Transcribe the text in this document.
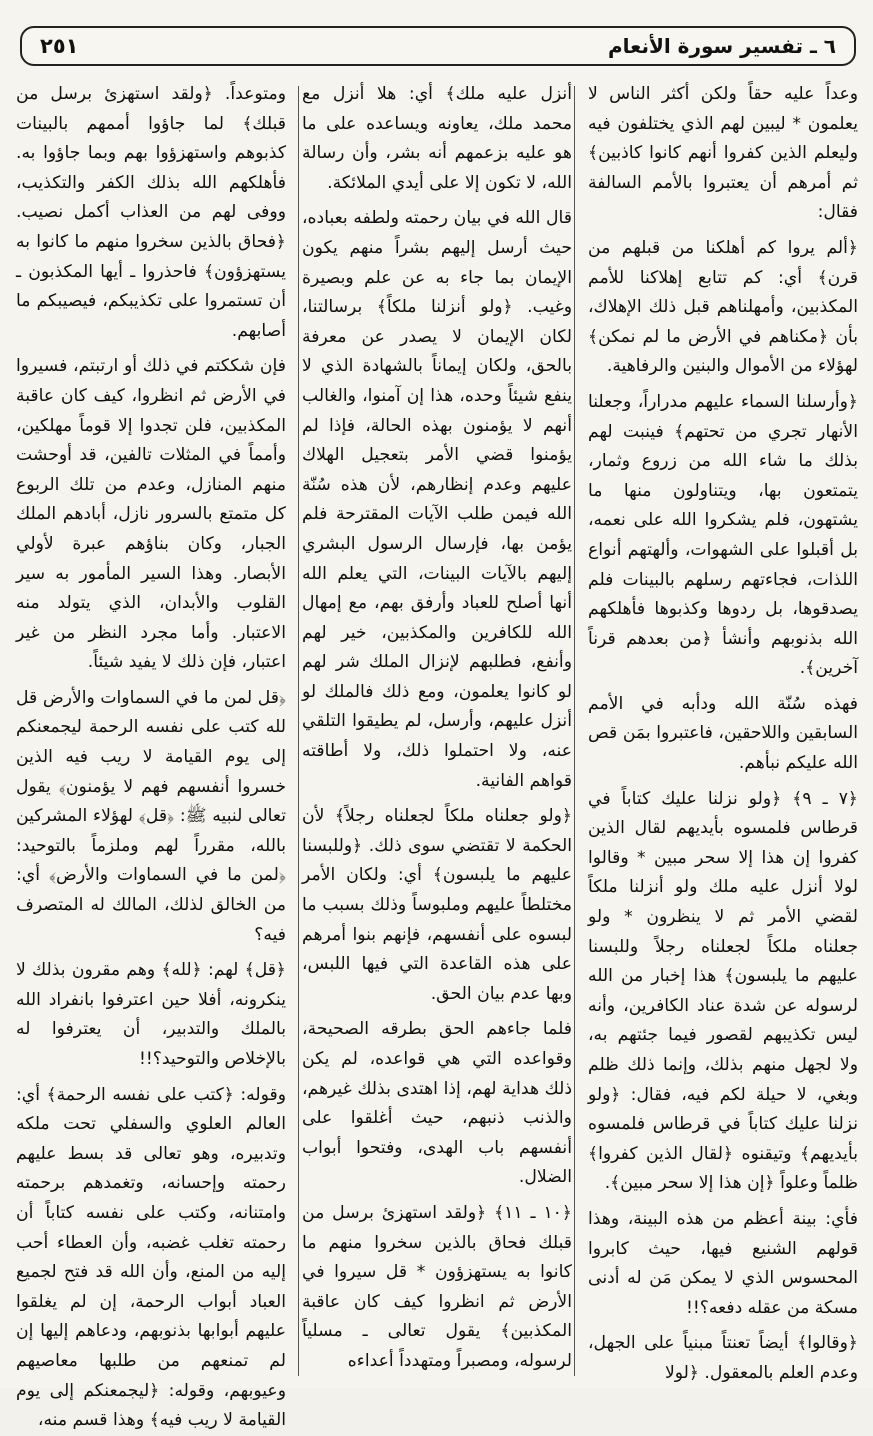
٦ ـ تفسير سورة الأنعام
٢٥١

وعداً عليه حقاً ولكن أكثر الناس لا يعلمون * ليبين لهم الذي يختلفون فيه وليعلم الذين كفروا أنهم كانوا كاذبين﴾ ثم أمرهم أن يعتبروا بالأمم السالفة فقال:

﴿ألم يروا كم أهلكنا من قبلهم من قرن﴾ أي: كم تتابع إهلاكنا للأمم المكذبين، وأمهلناهم قبل ذلك الإهلاك، بأن ﴿مكناهم في الأرض ما لم نمكن﴾ لهؤلاء من الأموال والبنين والرفاهية.

﴿وأرسلنا السماء عليهم مدراراً، وجعلنا الأنهار تجري من تحتهم﴾ فينبت لهم بذلك ما شاء الله من زروع وثمار، يتمتعون بها، ويتناولون منها ما يشتهون، فلم يشكروا الله على نعمه، بل أقبلوا على الشهوات، وألهتهم أنواع اللذات، فجاءتهم رسلهم بالبينات فلم يصدقوها، بل ردوها وكذبوها فأهلكهم الله بذنوبهم وأنشأ ﴿من بعدهم قرناً آخرين﴾.

فهذه سُنّة الله ودأبه في الأمم السابقين واللاحقين، فاعتبروا بمَن قص الله عليكم نبأهم.

﴿٧ ـ ٩﴾ ﴿ولو نزلنا عليك كتاباً في قرطاس فلمسوه بأيديهم لقال الذين كفروا إن هذا إلا سحر مبين * وقالوا لولا أنزل عليه ملك ولو أنزلنا ملكاً لقضي الأمر ثم لا ينظرون * ولو جعلناه ملكاً لجعلناه رجلاً وللبسنا عليهم ما يلبسون﴾ هذا إخبار من الله لرسوله عن شدة عناد الكافرين، وأنه ليس تكذيبهم لقصور فيما جئتهم به، ولا لجهل منهم بذلك، وإنما ذلك ظلم وبغي، لا حيلة لكم فيه، فقال: ﴿ولو نزلنا عليك كتاباً في قرطاس فلمسوه بأيديهم﴾ وتيقنوه ﴿لقال الذين كفروا﴾ ظلماً وعلواً ﴿إن هذا إلا سحر مبين﴾.

فأي: بينة أعظم من هذه البينة، وهذا قولهم الشنيع فيها، حيث كابروا المحسوس الذي لا يمكن مَن له أدنى مسكة من عقله دفعه؟!!

﴿وقالوا﴾ أيضاً تعنتاً مبنياً على الجهل، وعدم العلم بالمعقول. ﴿لولا

أنزل عليه ملك﴾ أي: هلا أنزل مع محمد ملك، يعاونه ويساعده على ما هو عليه بزعمهم أنه بشر، وأن رسالة الله، لا تكون إلا على أيدي الملائكة.

قال الله في بيان رحمته ولطفه بعباده، حيث أرسل إليهم بشراً منهم يكون الإيمان بما جاء به عن علم وبصيرة وغيب. ﴿ولو أنزلنا ملكاً﴾ برسالتنا، لكان الإيمان لا يصدر عن معرفة بالحق، ولكان إيماناً بالشهادة الذي لا ينفع شيئاً وحده، هذا إن آمنوا، والغالب أنهم لا يؤمنون بهذه الحالة، فإذا لم يؤمنوا قضي الأمر بتعجيل الهلاك عليهم وعدم إنظارهم، لأن هذه سُنّة الله فيمن طلب الآيات المقترحة فلم يؤمن بها، فإرسال الرسول البشري إليهم بالآيات البينات، التي يعلم الله أنها أصلح للعباد وأرفق بهم، مع إمهال الله للكافرين والمكذبين، خير لهم وأنفع، فطلبهم لإنزال الملك شر لهم لو كانوا يعلمون، ومع ذلك فالملك لو أنزل عليهم، وأرسل، لم يطيقوا التلقي عنه، ولا احتملوا ذلك، ولا أطاقته قواهم الفانية.

﴿ولو جعلناه ملكاً لجعلناه رجلاً﴾ لأن الحكمة لا تقتضي سوى ذلك. ﴿وللبسنا عليهم ما يلبسون﴾ أي: ولكان الأمر مختلطاً عليهم وملبوساً وذلك بسبب ما لبسوه على أنفسهم، فإنهم بنوا أمرهم على هذه القاعدة التي فيها اللبس، وبها عدم بيان الحق.

فلما جاءهم الحق بطرقه الصحيحة، وقواعده التي هي قواعده، لم يكن ذلك هداية لهم، إذا اهتدى بذلك غيرهم، والذنب ذنبهم، حيث أغلقوا على أنفسهم باب الهدى، وفتحوا أبواب الضلال.

﴿١٠ ـ ١١﴾ ﴿ولقد استهزئ برسل من قبلك فحاق بالذين سخروا منهم ما كانوا به يستهزؤون * قل سيروا في الأرض ثم انظروا كيف كان عاقبة المكذبين﴾ يقول تعالى ـ مسلياً لرسوله، ومصبراً ومتهدداً أعداءه

ومتوعداً. ﴿ولقد استهزئ برسل من قبلك﴾ لما جاؤوا أممهم بالبينات كذبوهم واستهزؤوا بهم وبما جاؤوا به. فأهلكهم الله بذلك الكفر والتكذيب، ووفى لهم من العذاب أكمل نصيب. ﴿فحاق بالذين سخروا منهم ما كانوا به يستهزؤون﴾ فاحذروا ـ أيها المكذبون ـ أن تستمروا على تكذيبكم، فيصيبكم ما أصابهم.

فإن شككتم في ذلك أو ارتبتم، فسيروا في الأرض ثم انظروا، كيف كان عاقبة المكذبين، فلن تجدوا إلا قوماً مهلكين، وأمماً في المثلات تالفين، قد أوحشت منهم المنازل، وعدم من تلك الربوع كل متمتع بالسرور نازل، أبادهم الملك الجبار، وكان بناؤهم عبرة لأولي الأبصار. وهذا السير المأمور به سير القلوب والأبدان، الذي يتولد منه الاعتبار. وأما مجرد النظر من غير اعتبار، فإن ذلك لا يفيد شيئاً.

﴿قل لمن ما في السماوات والأرض قل لله كتب على نفسه الرحمة ليجمعنكم إلى يوم القيامة لا ريب فيه الذين خسروا أنفسهم فهم لا يؤمنون﴾ يقول تعالى لنبيه ﷺ: ﴿قل﴾ لهؤلاء المشركين بالله، مقرراً لهم وملزماً بالتوحيد: ﴿لمن ما في السماوات والأرض﴾ أي: من الخالق لذلك، المالك له المتصرف فيه؟

﴿قل﴾ لهم: ﴿لله﴾ وهم مقرون بذلك لا ينكرونه، أفلا حين اعترفوا بانفراد الله بالملك والتدبير، أن يعترفوا له بالإخلاص والتوحيد؟!!

وقوله: ﴿كتب على نفسه الرحمة﴾ أي: العالم العلوي والسفلي تحت ملكه وتدبيره، وهو تعالى قد بسط عليهم رحمته وإحسانه، وتغمدهم برحمته وامتنانه، وكتب على نفسه كتاباً أن رحمته تغلب غضبه، وأن العطاء أحب إليه من المنع، وأن الله قد فتح لجميع العباد أبواب الرحمة، إن لم يغلقوا عليهم أبوابها بذنوبهم، ودعاهم إليها إن لم تمنعهم من طلبها معاصيهم وعيوبهم، وقوله: ﴿ليجمعنكم إلى يوم القيامة لا ريب فيه﴾ وهذا قسم منه،
